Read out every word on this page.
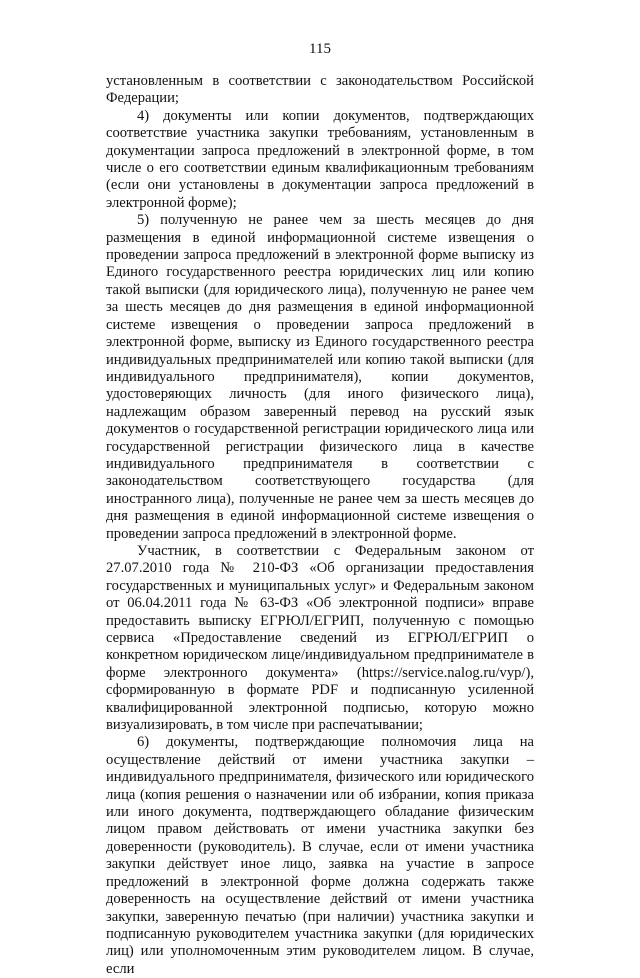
115

установленным в соответствии с законодательством Российской Федерации;

4) документы или копии документов, подтверждающих соответствие участника закупки требованиям, установленным в документации запроса предложений в электронной форме, в том числе о его соответствии единым квалификационным требованиям (если они установлены в документации запроса предложений в электронной форме);

5) полученную не ранее чем за шесть месяцев до дня размещения в единой информационной системе извещения о проведении запроса предложений в электронной форме выписку из Единого государственного реестра юридических лиц или копию такой выписки (для юридического лица), полученную не ранее чем за шесть месяцев до дня размещения в единой информационной системе извещения о проведении запроса предложений в электронной форме, выписку из Единого государственного реестра индивидуальных предпринимателей или копию такой выписки (для индивидуального предпринимателя), копии документов, удостоверяющих личность (для иного физического лица), надлежащим образом заверенный перевод на русский язык документов о государственной регистрации юридического лица или государственной регистрации физического лица в качестве индивидуального предпринимателя в соответствии с законодательством соответствующего государства (для иностранного лица), полученные не ранее чем за шесть месяцев до дня размещения в единой информационной системе извещения о проведении запроса предложений в электронной форме.

Участник, в соответствии с Федеральным законом от 27.07.2010 года № 210-ФЗ «Об организации предоставления государственных и муниципальных услуг» и Федеральным законом от 06.04.2011 года № 63-ФЗ «Об электронной подписи» вправе предоставить выписку ЕГРЮЛ/ЕГРИП, полученную с помощью сервиса «Предоставление сведений из ЕГРЮЛ/ЕГРИП о конкретном юридическом лице/индивидуальном предпринимателе в форме электронного документа» (https://service.nalog.ru/vyp/), сформированную в формате PDF и подписанную усиленной квалифицированной электронной подписью, которую можно визуализировать, в том числе при распечатывании;

6) документы, подтверждающие полномочия лица на осуществление действий от имени участника закупки – индивидуального предпринимателя, физического или юридического лица (копия решения о назначении или об избрании, копия приказа или иного документа, подтверждающего обладание физическим лицом правом действовать от имени участника закупки без доверенности (руководитель). В случае, если от имени участника закупки действует иное лицо, заявка на участие в запросе предложений в электронной форме должна содержать также доверенность на осуществление действий от имени участника закупки, заверенную печатью (при наличии) участника закупки и подписанную руководителем участника закупки (для юридических лиц) или уполномоченным этим руководителем лицом. В случае, если
